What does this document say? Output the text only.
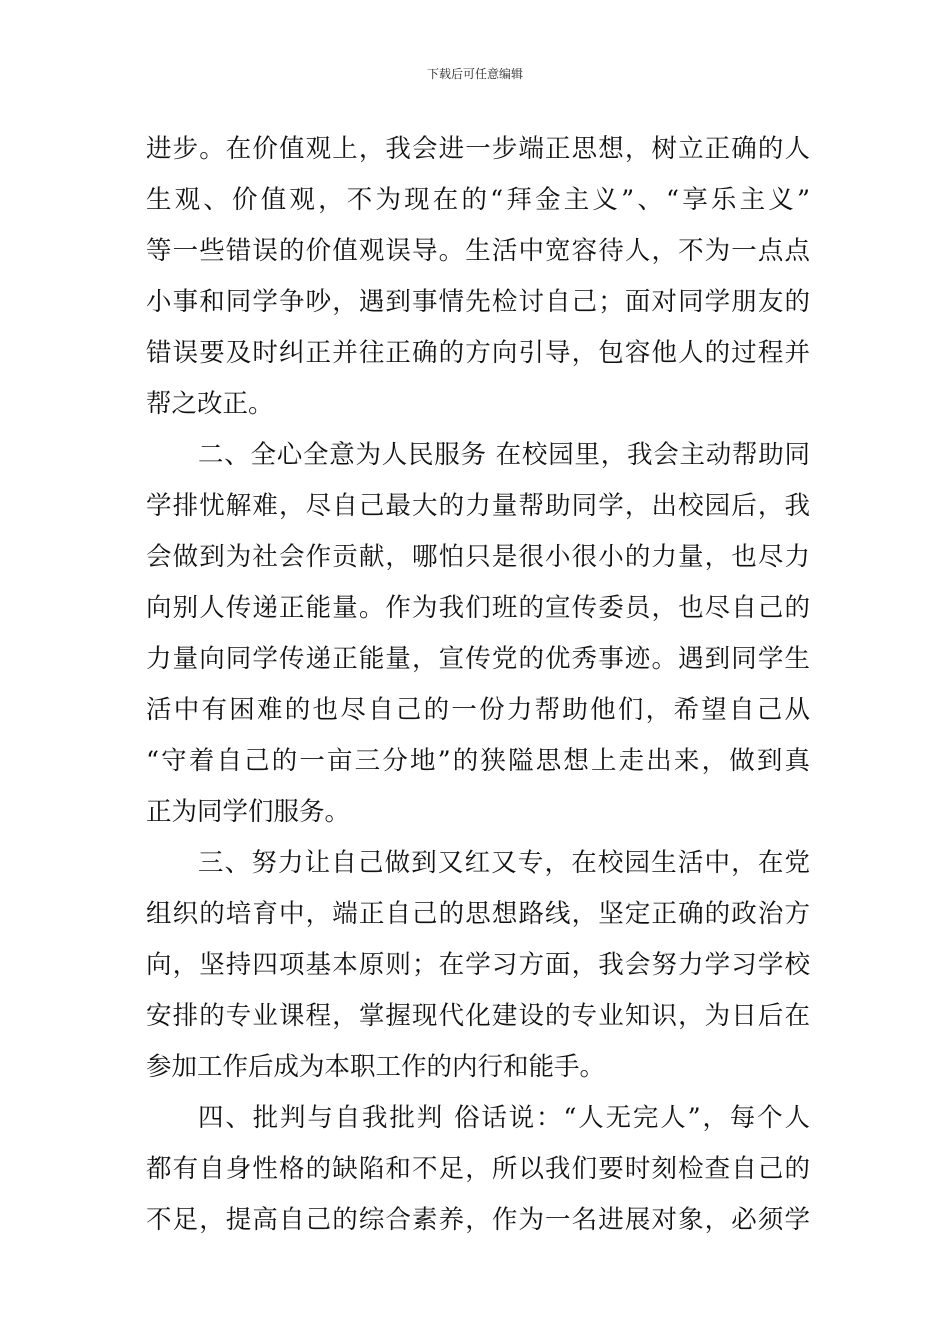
下载后可任意编辑
进步。在价值观上，我会进一步端正思想，树立正确的人
生观、价值观，不为现在的“拜金主义”、“享乐主义”
等一些错误的价值观误导。生活中宽容待人，不为一点点
小事和同学争吵，遇到事情先检讨自己；面对同学朋友的
错误要及时纠正并往正确的方向引导，包容他人的过程并
帮之改正。
二、全心全意为人民服务 在校园里，我会主动帮助同
学排忧解难，尽自己最大的力量帮助同学，出校园后，我
会做到为社会作贡献，哪怕只是很小很小的力量，也尽力
向别人传递正能量。作为我们班的宣传委员，也尽自己的
力量向同学传递正能量，宣传党的优秀事迹。遇到同学生
活中有困难的也尽自己的一份力帮助他们，希望自己从
“守着自己的一亩三分地”的狭隘思想上走出来，做到真
正为同学们服务。
三、努力让自己做到又红又专，在校园生活中，在党
组织的培育中，端正自己的思想路线，坚定正确的政治方
向，坚持四项基本原则；在学习方面，我会努力学习学校
安排的专业课程，掌握现代化建设的专业知识，为日后在
参加工作后成为本职工作的内行和能手。
四、批判与自我批判 俗话说：“人无完人”，每个人
都有自身性格的缺陷和不足，所以我们要时刻检查自己的
不足，提高自己的综合素养，作为一名进展对象，必须学
